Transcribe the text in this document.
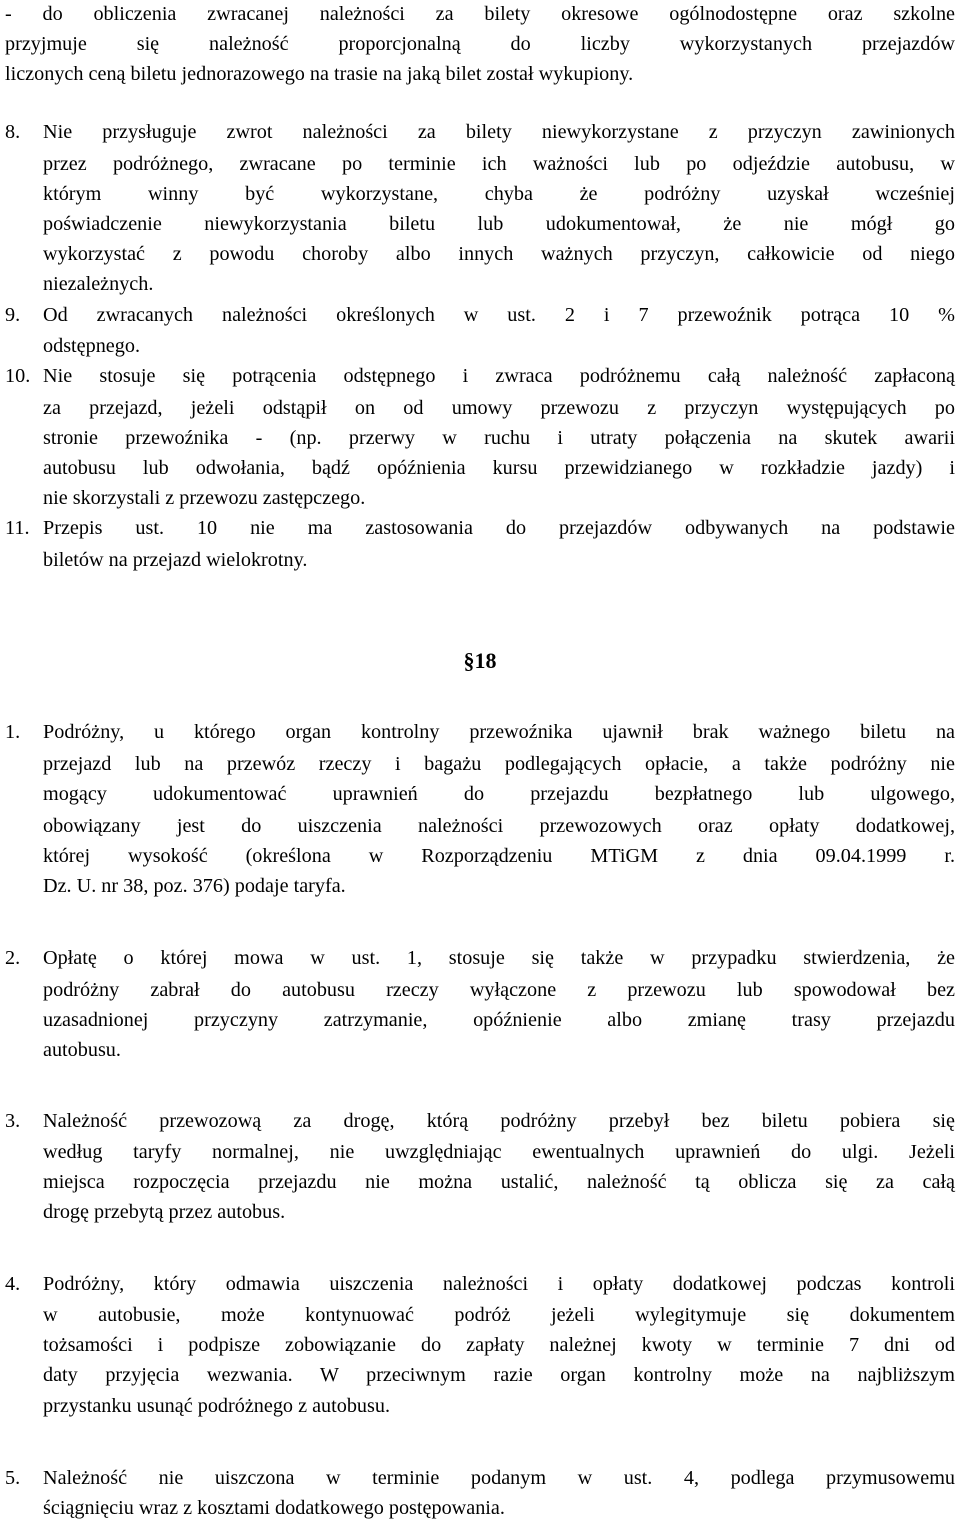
§18
- do obliczenia zwracanej należności za bilety okresowe ogólnodostępne oraz szkolne
przyjmuje się należność proporcjonalną do liczby wykorzystanych przejazdów
liczonych ceną biletu jednorazowego na trasie na jaką bilet został wykupiony.
8. Nie przysługuje zwrot należności za bilety niewykorzystane z przyczyn zawinionych
przez podróżnego, zwracane po terminie ich ważności lub po odjeździe autobusu, w
którym winny być wykorzystane, chyba że podróżny uzyskał wcześniej
poświadczenie niewykorzystania biletu lub udokumentował, że nie mógł go
wykorzystać z powodu choroby albo innych ważnych przyczyn, całkowicie od niego
niezależnych.
9. Od zwracanych należności określonych w ust. 2 i 7 przewoźnik potrąca 10 %
odstępnego.
10. Nie stosuje się potrącenia odstępnego i zwraca podróżnemu całą należność zapłaconą
za przejazd, jeżeli odstąpił on od umowy przewozu z przyczyn występujących po
stronie przewoźnika - (np. przerwy w ruchu i utraty połączenia na skutek awarii
autobusu lub odwołania, bądź opóźnienia kursu przewidzianego w rozkładzie jazdy) i
nie skorzystali z przewozu zastępczego.
11. Przepis ust. 10 nie ma zastosowania do przejazdów odbywanych na podstawie
biletów na przejazd wielokrotny.
1. Podróżny, u którego organ kontrolny przewoźnika ujawnił brak ważnego biletu na
przejazd lub na przewóz rzeczy i bagażu podlegających opłacie, a także podróżny nie
mogący udokumentować uprawnień do przejazdu bezpłatnego lub ulgowego,
obowiązany jest do uiszczenia należności przewozowych oraz opłaty dodatkowej,
której wysokość (określona w Rozporządzeniu MTiGM z dnia 09.04.1999 r.
Dz. U. nr 38, poz. 376) podaje taryfa.
2. Opłatę o której mowa w ust. 1, stosuje się także w przypadku stwierdzenia, że
podróżny zabrał do autobusu rzeczy wyłączone z przewozu lub spowodował bez
uzasadnionej przyczyny zatrzymanie, opóźnienie albo zmianę trasy przejazdu
autobusu.
3. Należność przewozową za drogę, którą podróżny przebył bez biletu pobiera się
według taryfy normalnej, nie uwzględniając ewentualnych uprawnień do ulgi. Jeżeli
miejsca rozpoczęcia przejazdu nie można ustalić, należność tą oblicza się za całą
drogę przebytą przez autobus.
4. Podróżny, który odmawia uiszczenia należności i opłaty dodatkowej podczas kontroli
w autobusie, może kontynuować podróż jeżeli wylegitymuje się dokumentem
tożsamości i podpisze zobowiązanie do zapłaty należnej kwoty w terminie 7 dni od
daty przyjęcia wezwania. W przeciwnym razie organ kontrolny może na najbliższym
przystanku usunąć podróżnego z autobusu.
5. Należność nie uiszczona w terminie podanym w ust. 4, podlega przymusowemu
ściągnięciu wraz z kosztami dodatkowego postępowania.
